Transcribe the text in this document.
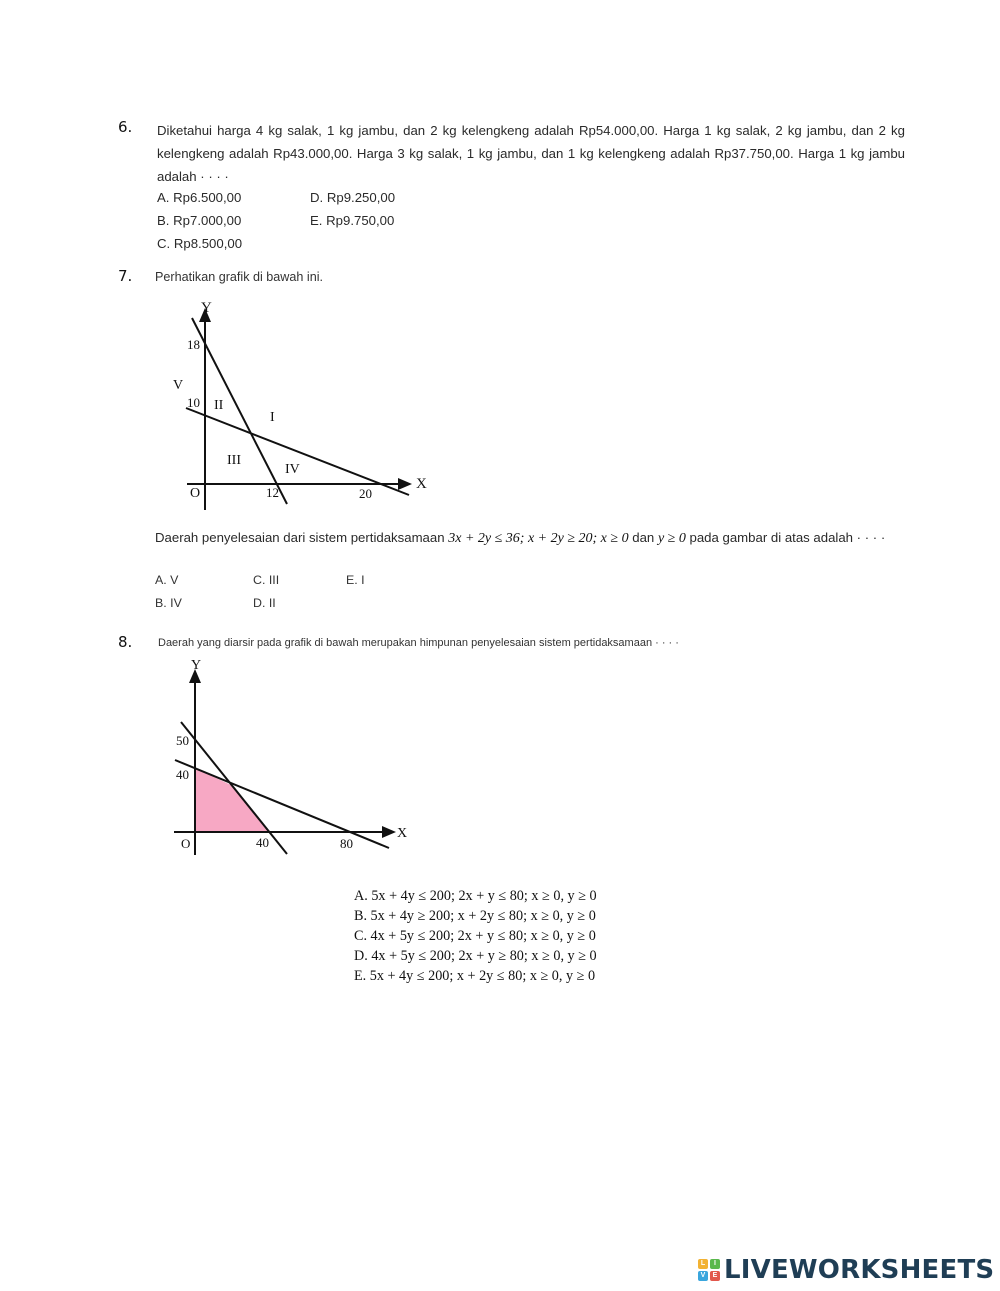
6. Diketahui harga 4 kg salak, 1 kg jambu, dan 2 kg kelengkeng adalah Rp54.000,00. Harga 1 kg salak, 2 kg jambu, dan 2 kg kelengkeng adalah Rp43.000,00. Harga 3 kg salak, 1 kg jambu, dan 1 kg kelengkeng adalah Rp37.750,00. Harga 1 kg jambu adalah · · · ·
A. Rp6.500,00
B. Rp7.000,00
C. Rp8.500,00
D. Rp9.250,00
E. Rp9.750,00
7. Perhatikan grafik di bawah ini.
Y
X
O
18
10
12	20
I
II
III
IV
V
Daerah penyelesaian dari sistem pertidaksamaan 3x + 2y ≤ 36; x + 2y ≥ 20; x ≥ 0 dan y ≥ 0 pada gambar di atas adalah · · · ·
A. V
B. IV
C. III
D. II
E. I
8. Daerah yang diarsir pada grafik di bawah merupakan himpunan penyelesaian sistem pertidaksamaan · · · ·
Y
X
O
50
40
40	80
A. 5x + 4y ≤ 200; 2x + y ≤ 80; x ≥ 0, y ≥ 0
B. 5x + 4y ≥ 200; x + 2y ≤ 80; x ≥ 0, y ≥ 0
C. 4x + 5y ≤ 200; 2x + y ≤ 80; x ≥ 0, y ≥ 0
D. 4x + 5y ≤ 200; 2x + y ≥ 80; x ≥ 0, y ≥ 0
E. 5x + 4y ≤ 200; x + 2y ≤ 80; x ≥ 0, y ≥ 0
L	I
V	E LIVEWORKSHEETS
